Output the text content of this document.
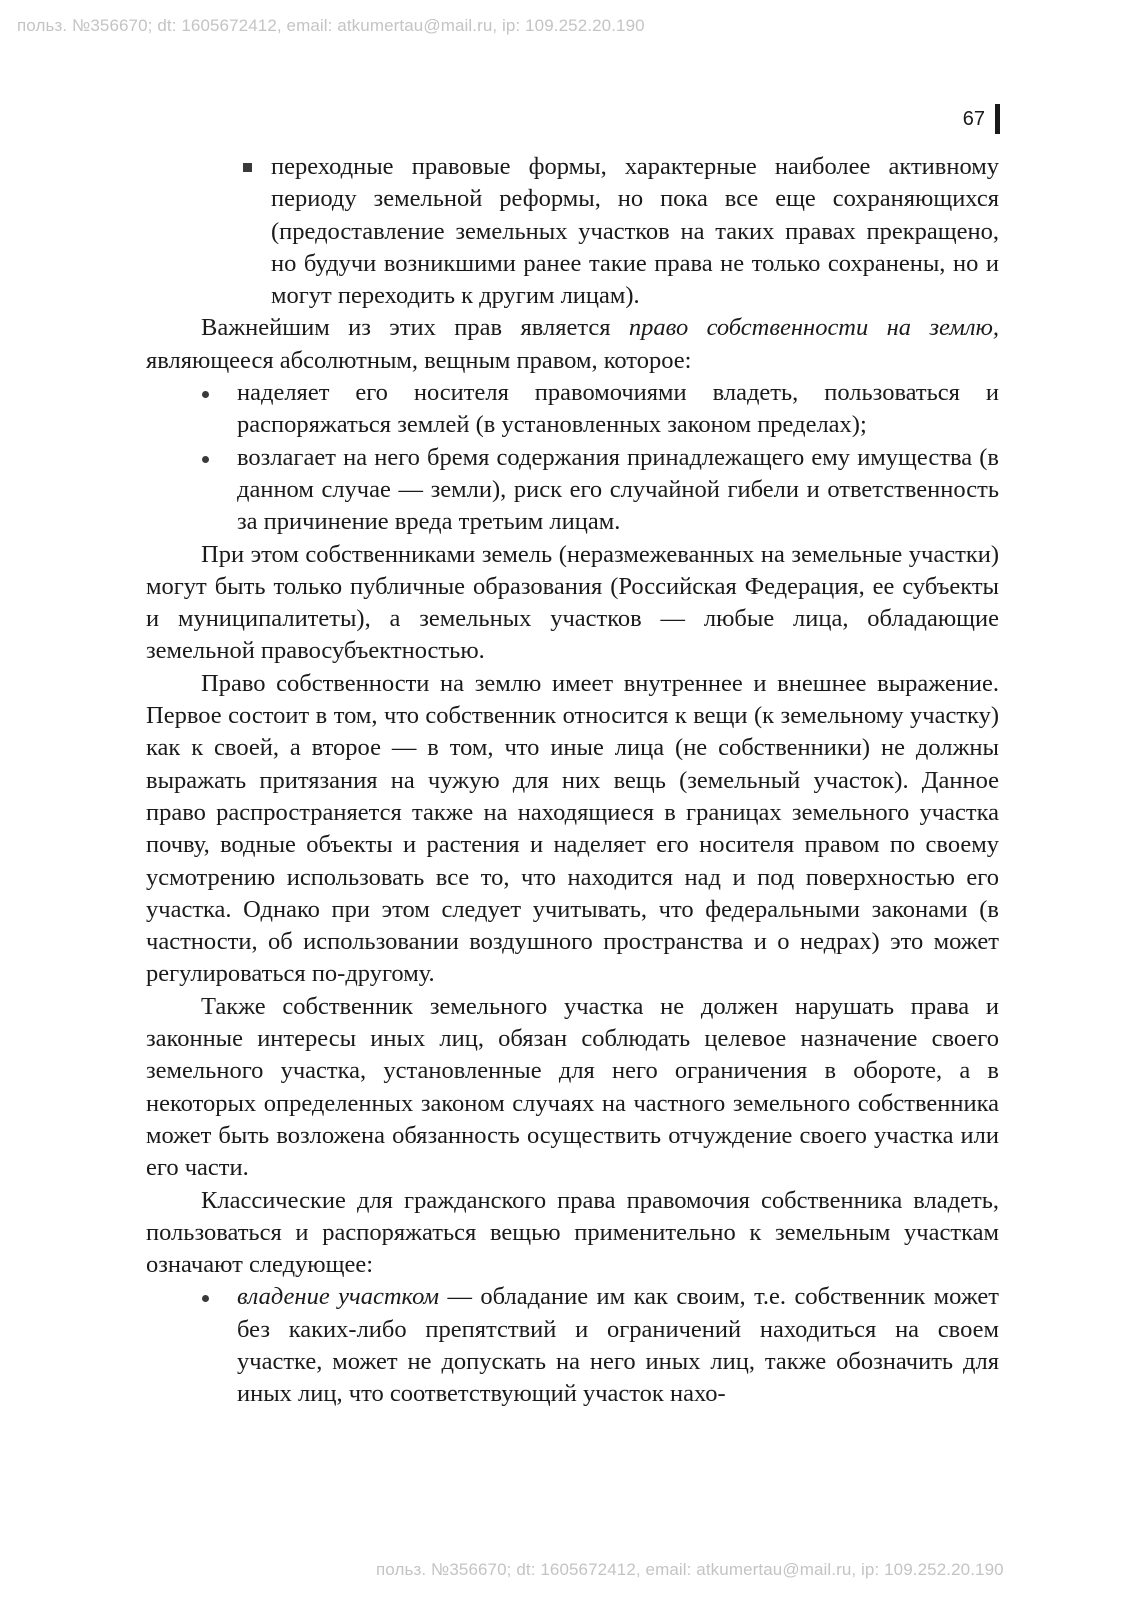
польз. №356670; dt: 1605672412, email: atkumertau@mail.ru, ip: 109.252.20.190
67
переходные правовые формы, характерные наиболее активному периоду земельной реформы, но пока все еще сохраняющихся (предоставление земельных участков на таких правах прекращено, но будучи возникшими ранее такие права не только сохранены, но и могут переходить к другим лицам).

Важнейшим из этих прав является право собственности на землю, являющееся абсолютным, вещным правом, которое:

наделяет его носителя правомочиями владеть, пользоваться и распоряжаться землей (в установленных законом пределах);
возлагает на него бремя содержания принадлежащего ему имущества (в данном случае — земли), риск его случайной гибели и ответственность за причинение вреда третьим лицам.

При этом собственниками земель (неразмежеванных на земельные участки) могут быть только публичные образования (Российская Федерация, ее субъекты и муниципалитеты), а земельных участков — любые лица, обладающие земельной правосубъектностью.

Право собственности на землю имеет внутреннее и внешнее выражение. Первое состоит в том, что собственник относится к вещи (к земельному участку) как к своей, а второе — в том, что иные лица (не собственники) не должны выражать притязания на чужую для них вещь (земельный участок). Данное право распространяется также на находящиеся в границах земельного участка почву, водные объекты и растения и наделяет его носителя правом по своему усмотрению использовать все то, что находится над и под поверхностью его участка. Однако при этом следует учитывать, что федеральными законами (в частности, об использовании воздушного пространства и о недрах) это может регулироваться по-другому.

Также собственник земельного участка не должен нарушать права и законные интересы иных лиц, обязан соблюдать целевое назначение своего земельного участка, установленные для него ограничения в обороте, а в некоторых определенных законом случаях на частного земельного собственника может быть возложена обязанность осуществить отчуждение своего участка или его части.

Классические для гражданского права правомочия собственника владеть, пользоваться и распоряжаться вещью применительно к земельным участкам означают следующее:

владение участком — обладание им как своим, т.е. собственник может без каких-либо препятствий и ограничений находиться на своем участке, может не допускать на него иных лиц, также обозначить для иных лиц, что соответствующий участок нахо-
польз. №356670; dt: 1605672412, email: atkumertau@mail.ru, ip: 109.252.20.190
